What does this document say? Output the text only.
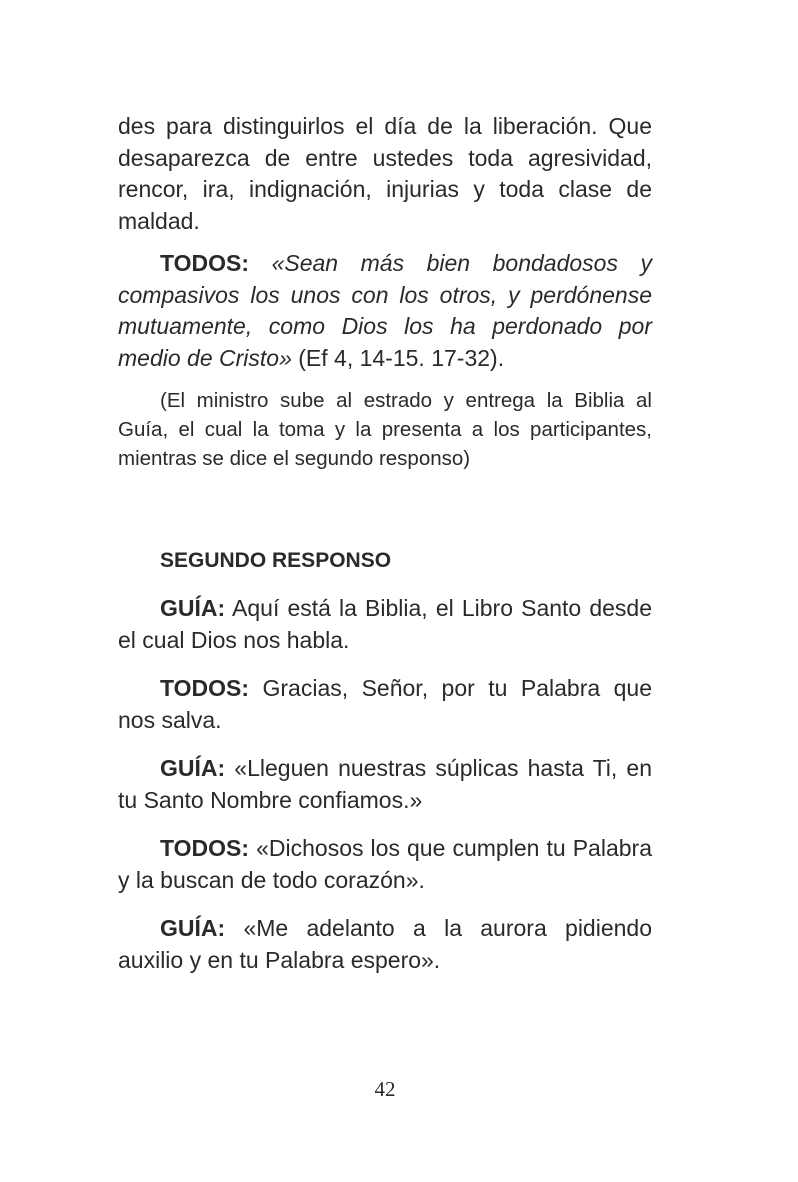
des para distinguirlos el día de la liberación. Que desaparezca de entre ustedes toda agresividad, rencor, ira, indignación, injurias y toda clase de maldad.

TODOS: «Sean más bien bondadosos y compasivos los unos con los otros, y perdónense mutuamente, como Dios los ha perdonado por medio de Cristo» (Ef 4, 14-15. 17-32).

(El ministro sube al estrado y entrega la Biblia al Guía, el cual la toma y la presenta a los participantes, mientras se dice el segundo responso)

SEGUNDO RESPONSO

GUÍA: Aquí está la Biblia, el Libro Santo desde el cual Dios nos habla.

TODOS: Gracias, Señor, por tu Palabra que nos salva.

GUÍA: «Lleguen nuestras súplicas hasta Ti, en tu Santo Nombre confiamos.»

TODOS: «Dichosos los que cumplen tu Palabra y la buscan de todo corazón».

GUÍA: «Me adelanto a la aurora pidiendo auxilio y en tu Palabra espero».

42
